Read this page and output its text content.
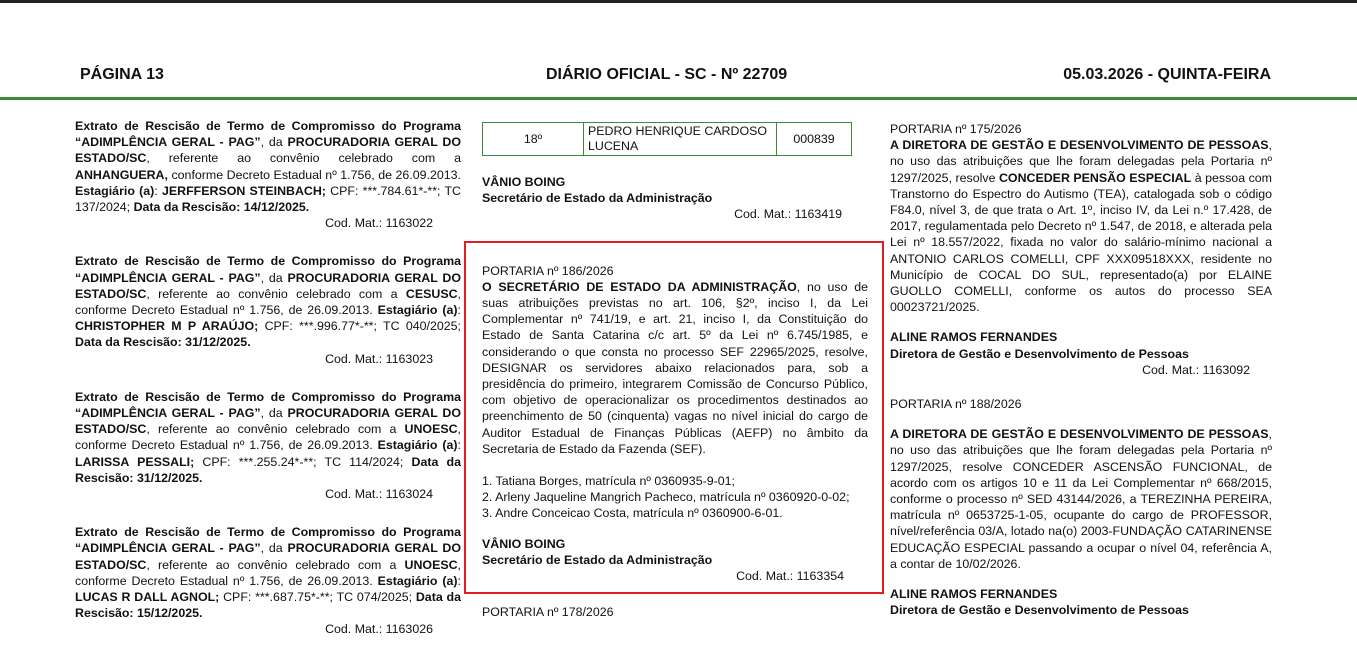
PÁGINA 13	DIÁRIO OFICIAL - SC - Nº 22709	05.03.2026 - QUINTA-FEIRA
Extrato de Rescisão de Termo de Compromisso do Programa “ADIMPLÊNCIA GERAL - PAG”, da PROCURADORIA GERAL DO ESTADO/SC, referente ao convênio celebrado com a ANHANGUERA, conforme Decreto Estadual nº 1.756, de 26.09.2013. Estagiário (a): JERFFERSON STEINBACH; CPF: ***.784.61*-**; TC 137/2024; Data da Rescisão: 14/12/2025.
Cod. Mat.: 1163022
Extrato de Rescisão de Termo de Compromisso do Programa “ADIMPLÊNCIA GERAL - PAG”, da PROCURADORIA GERAL DO ESTADO/SC, referente ao convênio celebrado com a CESUSC, conforme Decreto Estadual nº 1.756, de 26.09.2013. Estagiário (a): CHRISTOPHER M P ARAÚJO; CPF: ***.996.77*-**; TC 040/2025; Data da Rescisão: 31/12/2025.
Cod. Mat.: 1163023
Extrato de Rescisão de Termo de Compromisso do Programa “ADIMPLÊNCIA GERAL - PAG”, da PROCURADORIA GERAL DO ESTADO/SC, referente ao convênio celebrado com a UNOESC, conforme Decreto Estadual nº 1.756, de 26.09.2013. Estagiário (a): LARISSA PESSALI; CPF: ***.255.24*-**; TC 114/2024; Data da Rescisão: 31/12/2025.
Cod. Mat.: 1163024
Extrato de Rescisão de Termo de Compromisso do Programa “ADIMPLÊNCIA GERAL - PAG”, da PROCURADORIA GERAL DO ESTADO/SC, referente ao convênio celebrado com a UNOESC, conforme Decreto Estadual nº 1.756, de 26.09.2013. Estagiário (a): LUCAS R DALL AGNOL; CPF: ***.687.75*-**; TC 074/2025; Data da Rescisão: 15/12/2025.
Cod. Mat.: 1163026
18º	PEDRO HENRIQUE CARDOSO LUCENA	000839
VÂNIO BOING
Secretário de Estado da Administração
Cod. Mat.: 1163419
PORTARIA nº 186/2026
O SECRETÁRIO DE ESTADO DA ADMINISTRAÇÃO, no uso de suas atribuições previstas no art. 106, §2º, inciso I, da Lei Complementar nº 741/19, e art. 21, inciso I, da Constituição do Estado de Santa Catarina c/c art. 5º da Lei nº 6.745/1985, e considerando o que consta no processo SEF 22965/2025, resolve, DESIGNAR os servidores abaixo relacionados para, sob a presidência do primeiro, integrarem Comissão de Concurso Público, com objetivo de operacionalizar os procedimentos destinados ao preenchimento de 50 (cinquenta) vagas no nível inicial do cargo de Auditor Estadual de Finanças Públicas (AEFP) no âmbito da Secretaria de Estado da Fazenda (SEF).
1. Tatiana Borges, matrícula nº 0360935-9-01;
2. Arleny Jaqueline Mangrich Pacheco, matrícula nº 0360920-0-02;
3. Andre Conceicao Costa, matrícula nº 0360900-6-01.
VÂNIO BOING
Secretário de Estado da Administração
Cod. Mat.: 1163354
PORTARIA nº 178/2026
PORTARIA nº 175/2026
A DIRETORA DE GESTÃO E DESENVOLVIMENTO DE PESSOAS, no uso das atribuições que lhe foram delegadas pela Portaria nº 1297/2025, resolve CONCEDER PENSÃO ESPECIAL à pessoa com Transtorno do Espectro do Autismo (TEA), catalogada sob o código F84.0, nível 3, de que trata o Art. 1º, inciso IV, da Lei n.º 17.428, de 2017, regulamentada pelo Decreto nº 1.547, de 2018, e alterada pela Lei nº 18.557/2022, fixada no valor do salário-mínimo nacional a ANTONIO CARLOS COMELLI, CPF XXX09518XXX, residente no Município de COCAL DO SUL, representado(a) por ELAINE GUOLLO COMELLI, conforme os autos do processo SEA 00023721/2025.
ALINE RAMOS FERNANDES
Diretora de Gestão e Desenvolvimento de Pessoas
Cod. Mat.: 1163092
PORTARIA nº 188/2026
A DIRETORA DE GESTÃO E DESENVOLVIMENTO DE PESSOAS, no uso das atribuições que lhe foram delegadas pela Portaria nº 1297/2025, resolve CONCEDER ASCENSÃO FUNCIONAL, de acordo com os artigos 10 e 11 da Lei Complementar nº 668/2015, conforme o processo nº SED 43144/2026, a TEREZINHA PEREIRA, matrícula nº 0653725-1-05, ocupante do cargo de PROFESSOR, nível/referência 03/A, lotado na(o) 2003-FUNDAÇÃO CATARINENSE EDUCAÇÃO ESPECIAL passando a ocupar o nível 04, referência A, a contar de 10/02/2026.
ALINE RAMOS FERNANDES
Diretora de Gestão e Desenvolvimento de Pessoas
